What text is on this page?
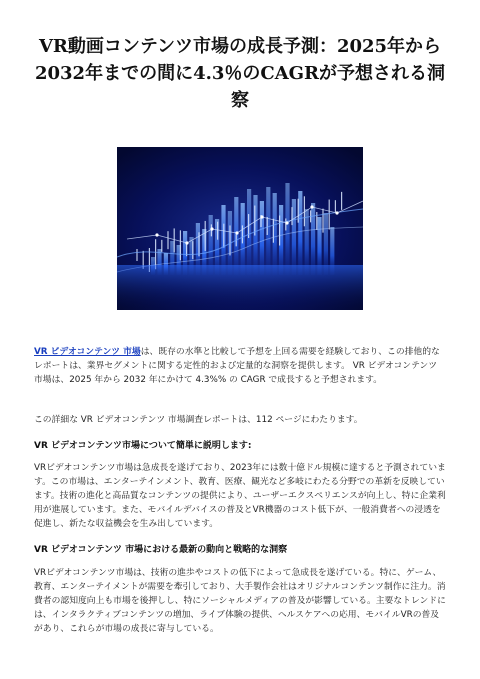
VR動画コンテンツ市場の成長予測：2025年から2032年までの間に4.3％のCAGRが予想される洞察

VR ビデオコンテンツ 市場は、既存の水準と比較して予想を上回る需要を経験しており、この排他的なレポートは、業界セグメントに関する定性的および定量的な洞察を提供します。 VR ビデオコンテンツ 市場は、2025 年から 2032 年にかけて 4.3%% の CAGR で成長すると予想されます。

この詳細な VR ビデオコンテンツ 市場調査レポートは、112 ページにわたります。

VR ビデオコンテンツ市場について簡単に説明します:

VRビデオコンテンツ市場は急成長を遂げており、2023年には数十億ドル規模に達すると予測されています。この市場は、エンターテインメント、教育、医療、観光など多岐にわたる分野での革新を反映しています。技術の進化と高品質なコンテンツの提供により、ユーザーエクスペリエンスが向上し、特に企業利用が進展しています。また、モバイルデバイスの普及とVR機器のコスト低下が、一般消費者への浸透を促進し、新たな収益機会を生み出しています。

VR ビデオコンテンツ 市場における最新の動向と戦略的な洞察

VRビデオコンテンツ市場は、技術の進歩やコストの低下によって急成長を遂げている。特に、ゲーム、教育、エンターテイメントが需要を牽引しており、大手製作会社はオリジナルコンテンツ制作に注力。消費者の認知度向上も市場を後押しし、特にソーシャルメディアの普及が影響している。主要なトレンドには、インタラクティブコンテンツの増加、ライブ体験の提供、ヘルスケアへの応用、モバイルVRの普及があり、これらが市場の成長に寄与している。
